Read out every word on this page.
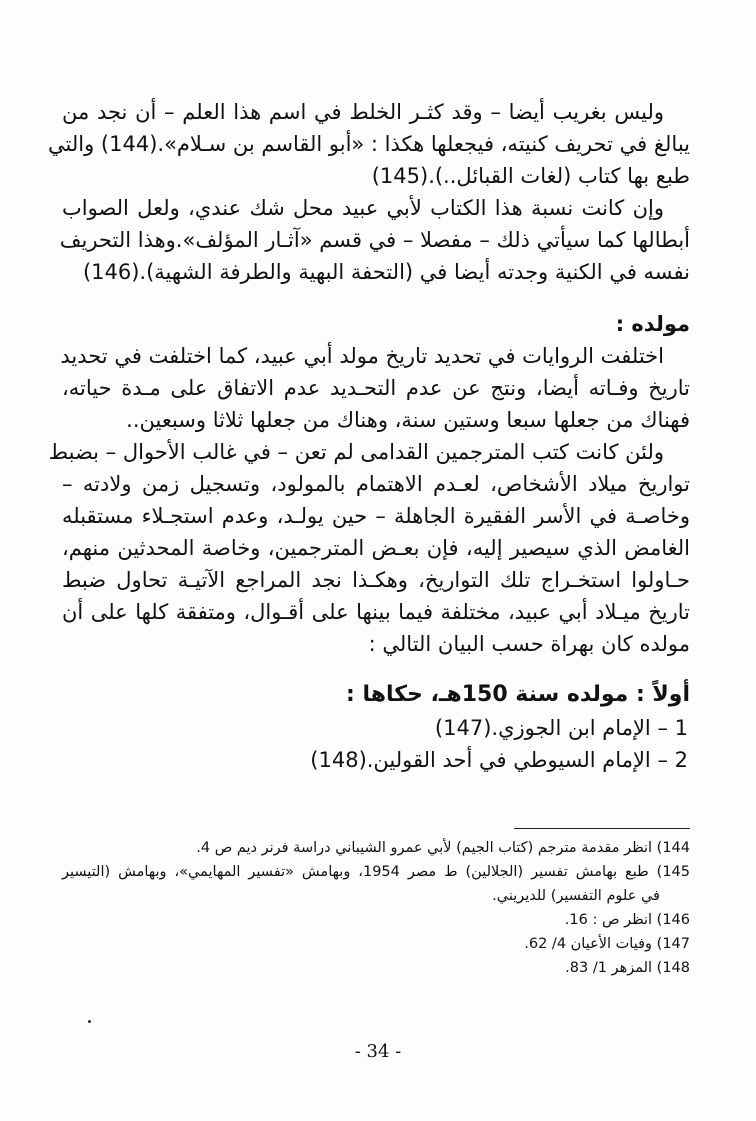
وليس بغريب أيضا – وقد كثـر الخلط في اسم هذا العلم – أن نجد من
يبالغ في تحريف كنيته، فيجعلها هكذا : «أبو القاسم بن سـلام».(144) والتي
طبع بها كتاب (لغات القبائل..).(145)
وإن كانت نسبة هذا الكتاب لأبي عبيد محل شك عندي، ولعل الصواب
أبطالها كما سيأتي ذلك – مفصلا – في قسم «آثـار المؤلف».وهذا التحريف
نفسه في الكنية وجدته أيضا في (التحفة البهية والطرفة الشهية).(146)
مولده :
اختلفت الروايات في تحديد تاريخ مولد أبي عبيد، كما اختلفت في تحديد
تاريخ وفـاته أيضا، ونتج عن عدم التحـديد عدم الاتفاق على مـدة حياته،
فهناك من جعلها سبعا وستين سنة، وهناك من جعلها ثلاثا وسبعين..
ولئن كانت كتب المترجمين القدامى لم تعن – في غالب الأحوال – بضبط
تواريخ ميلاد الأشخاص، لعـدم الاهتمام بالمولود، وتسجيل زمن ولادته –
وخاصـة في الأسر الفقيرة الجاهلة – حين يولـد، وعدم استجـلاء مستقبله
الغامض الذي سيصير إليه، فإن بعـض المترجمين، وخاصة المحدثين منهم،
حـاولوا استخـراج تلك التواريخ، وهكـذا نجد المراجع الآتيـة تحاول ضبط
تاريخ ميـلاد أبي عبيد، مختلفة فيما بينها على أقـوال، ومتفقة كلها على أن
مولده كان بهراة حسب البيان التالي :
أولاً : مولده سنة 150هـ، حكاها :
1 – الإمام ابن الجوزي.(147)
2 – الإمام السيوطي في أحد القولين.(148)
144) انظر مقدمة مترجم (كتاب الجيم) لأبي عمرو الشيباني دراسة فرنر ديم ص 4.
145) طبع بهامش تفسير (الجلالين) ط مصر 1954، وبهامش «تفسير المهايمي»، وبهامش (التيسير
في علوم التفسير) للديريني.
146) انظر ص : 16.
147) وفيات الأعيان 4/ 62.
148) المزهر 1/ 83.
- 34 -
